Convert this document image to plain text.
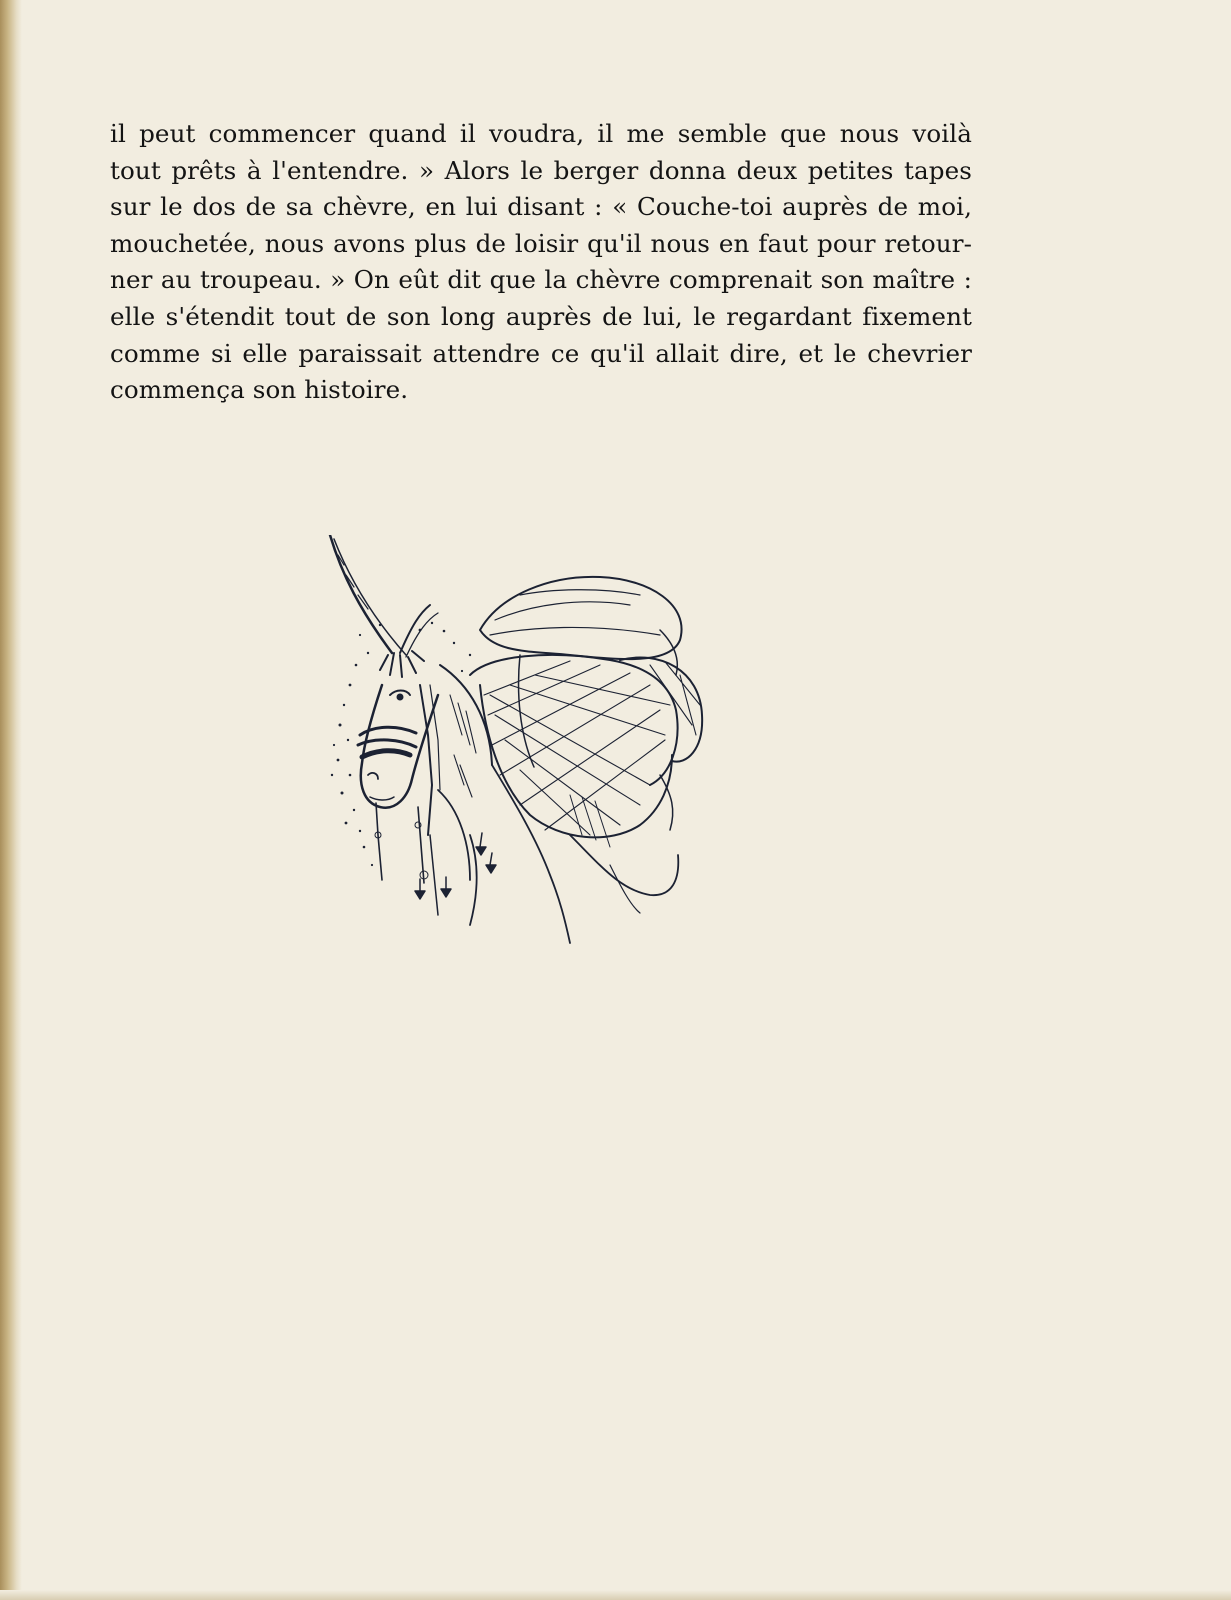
il peut commencer quand il voudra, il me semble que nous voilà
tout prêts à l'entendre. » Alors le berger donna deux petites tapes
sur le dos de sa chèvre, en lui disant : « Couche-toi auprès de moi,
mouchetée, nous avons plus de loisir qu'il nous en faut pour retour-
ner au troupeau. » On eût dit que la chèvre comprenait son maître :
elle s'étendit tout de son long auprès de lui, le regardant fixement
comme si elle paraissait attendre ce qu'il allait dire, et le chevrier
commença son histoire.
